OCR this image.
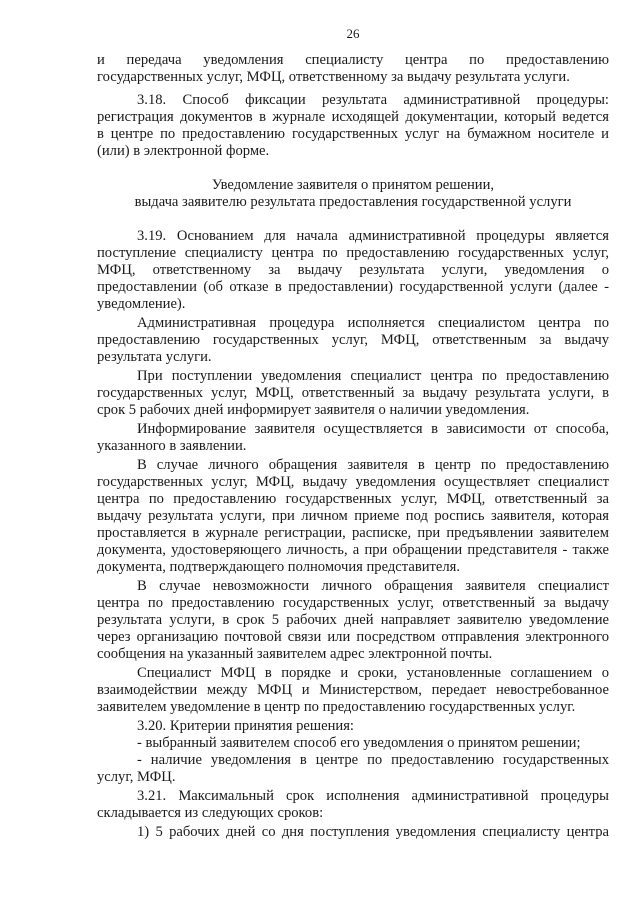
26
и передача уведомления специалисту центра по предоставлению
государственных услуг, МФЦ, ответственному за выдачу результата услуги.
3.18. Способ фиксации результата административной процедуры:
регистрация документов в журнале исходящей документации, который ведется
в центре по предоставлению государственных услуг на бумажном носителе и
(или) в электронной форме.
Уведомление заявителя о принятом решении,
выдача заявителю результата предоставления государственной услуги
3.19. Основанием для начала административной процедуры является
поступление специалисту центра по предоставлению государственных услуг,
МФЦ, ответственному за выдачу результата услуги, уведомления о
предоставлении (об отказе в предоставлении) государственной услуги (далее -
уведомление).
Административная процедура исполняется специалистом центра по
предоставлению государственных услуг, МФЦ, ответственным за выдачу
результата услуги.
При поступлении уведомления специалист центра по предоставлению
государственных услуг, МФЦ, ответственный за выдачу результата услуги, в
срок 5 рабочих дней информирует заявителя о наличии уведомления.
Информирование заявителя осуществляется в зависимости от способа,
указанного в заявлении.
В случае личного обращения заявителя в центр по предоставлению
государственных услуг, МФЦ, выдачу уведомления осуществляет специалист
центра по предоставлению государственных услуг, МФЦ, ответственный за
выдачу результата услуги, при личном приеме под роспись заявителя, которая
проставляется в журнале регистрации, расписке, при предъявлении заявителем
документа, удостоверяющего личность, а при обращении представителя - также
документа, подтверждающего полномочия представителя.
В случае невозможности личного обращения заявителя специалист
центра по предоставлению государственных услуг, ответственный за выдачу
результата услуги, в срок 5 рабочих дней направляет заявителю уведомление
через организацию почтовой связи или посредством отправления электронного
сообщения на указанный заявителем адрес электронной почты.
Специалист МФЦ в порядке и сроки, установленные соглашением о
взаимодействии между МФЦ и Министерством, передает невостребованное
заявителем уведомление в центр по предоставлению государственных услуг.
3.20. Критерии принятия решения:
- выбранный заявителем способ его уведомления о принятом решении;
- наличие уведомления в центре по предоставлению государственных
услуг, МФЦ.
3.21. Максимальный срок исполнения административной процедуры
складывается из следующих сроков:
1) 5 рабочих дней со дня поступления уведомления специалисту центра
